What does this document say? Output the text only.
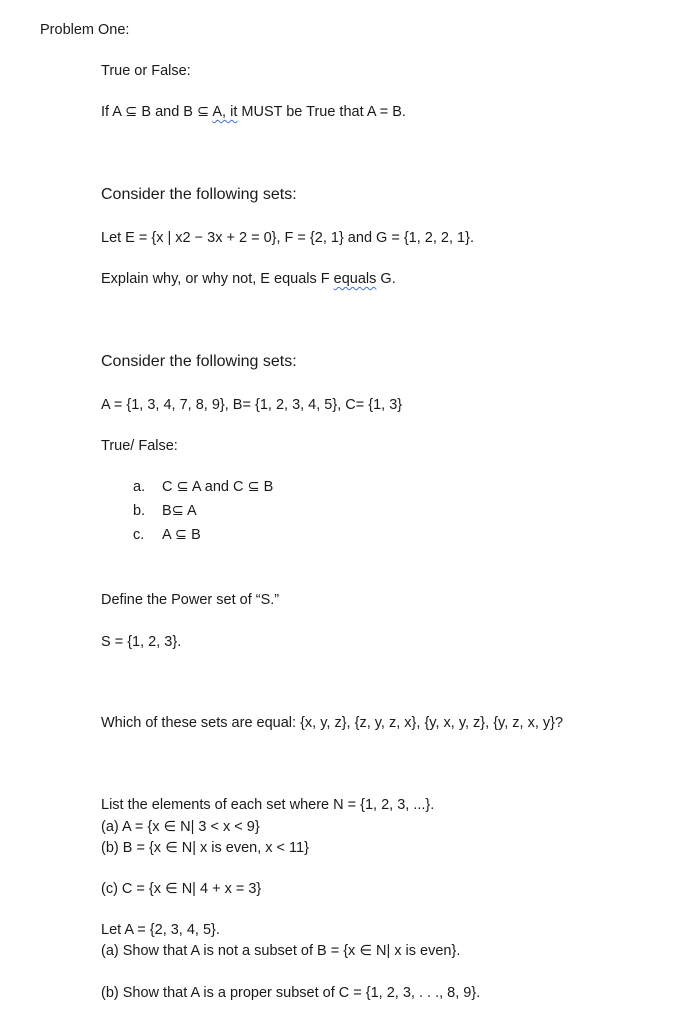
Problem One:
True or False:
If A ⊆ B and B ⊆ A, it MUST be True that A = B.
Consider the following sets:
Let E = {x | x2 − 3x + 2 = 0}, F = {2, 1} and G = {1, 2, 2, 1}.
Explain why, or why not, E equals F equals G.
Consider the following sets:
A = {1, 3, 4, 7, 8, 9}, B= {1, 2, 3, 4, 5}, C= {1, 3}
True/ False:
a. C ⊆ A and C ⊆ B
b. B⊆ A
c. A ⊆ B
Define the Power set of “S.”
S = {1, 2, 3}.
Which of these sets are equal: {x, y, z}, {z, y, z, x}, {y, x, y, z}, {y, z, x, y}?
List the elements of each set where N = {1, 2, 3, ...}.
(a) A = {x ∈ N| 3 < x < 9}
(b) B = {x ∈ N| x is even, x < 11}
(c) C = {x ∈ N| 4 + x = 3}
Let A = {2, 3, 4, 5}.
(a) Show that A is not a subset of B = {x ∈ N| x is even}.
(b) Show that A is a proper subset of C = {1, 2, 3, . . ., 8, 9}.
